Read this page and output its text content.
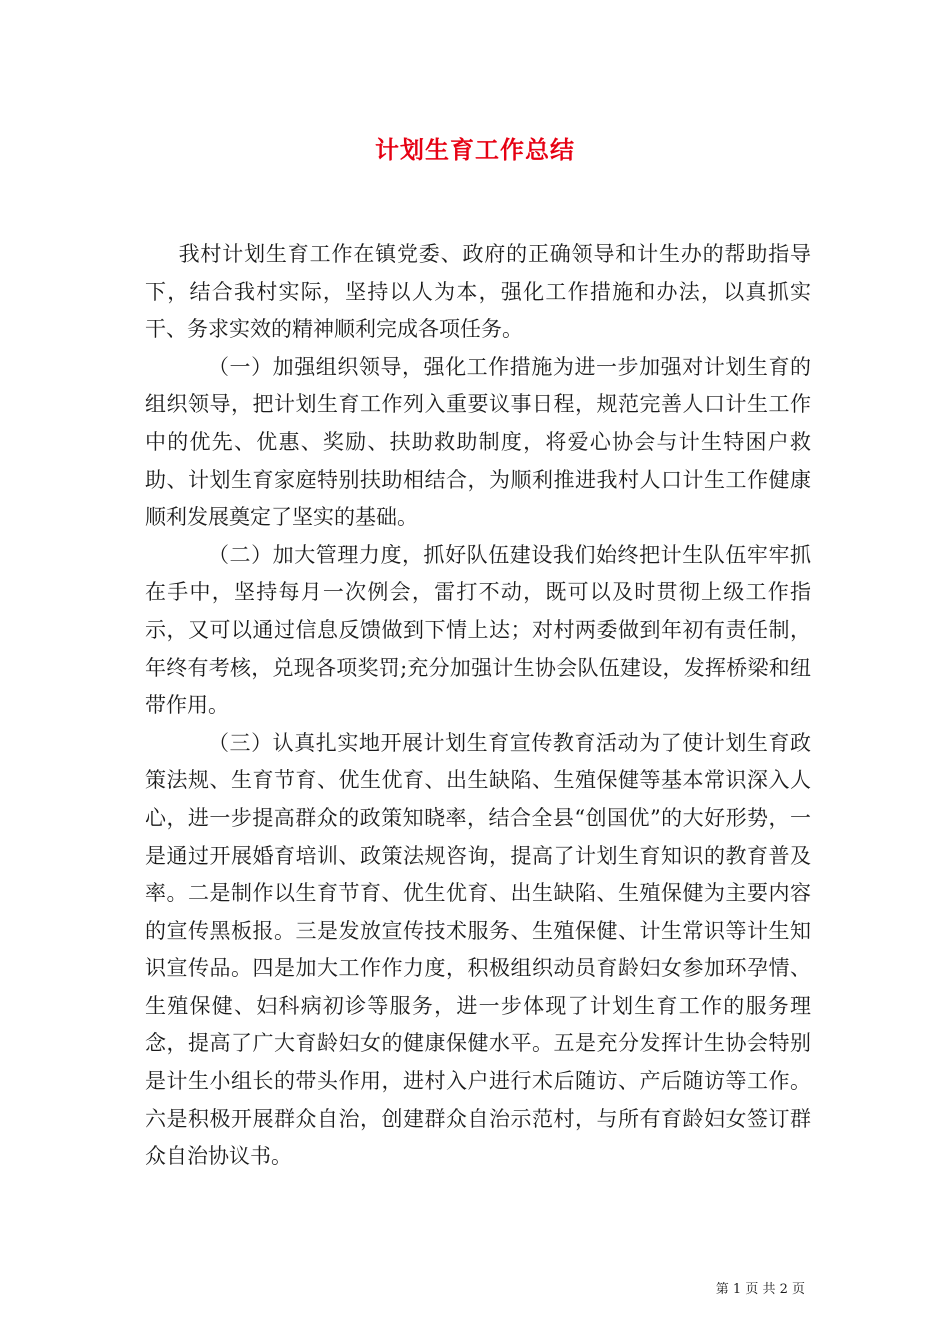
计划生育工作总结

我村计划生育工作在镇党委、政府的正确领导和计生办的帮助指导下，结合我村实际，坚持以人为本，强化工作措施和办法，以真抓实干、务求实效的精神顺利完成各项任务。

（一）加强组织领导，强化工作措施为进一步加强对计划生育的组织领导，把计划生育工作列入重要议事日程，规范完善人口计生工作中的优先、优惠、奖励、扶助救助制度，将爱心协会与计生特困户救助、计划生育家庭特别扶助相结合，为顺利推进我村人口计生工作健康顺利发展奠定了坚实的基础。

（二）加大管理力度，抓好队伍建设我们始终把计生队伍牢牢抓在手中，坚持每月一次例会，雷打不动，既可以及时贯彻上级工作指示，又可以通过信息反馈做到下情上达；对村两委做到年初有责任制，年终有考核，兑现各项奖罚;充分加强计生协会队伍建设，发挥桥梁和纽带作用。

（三）认真扎实地开展计划生育宣传教育活动为了使计划生育政策法规、生育节育、优生优育、出生缺陷、生殖保健等基本常识深入人心，进一步提高群众的政策知晓率，结合全县“创国优”的大好形势，一是通过开展婚育培训、政策法规咨询，提高了计划生育知识的教育普及率。二是制作以生育节育、优生优育、出生缺陷、生殖保健为主要内容的宣传黑板报。三是发放宣传技术服务、生殖保健、计生常识等计生知识宣传品。四是加大工作作力度，积极组织动员育龄妇女参加环孕情、生殖保健、妇科病初诊等服务，进一步体现了计划生育工作的服务理念，提高了广大育龄妇女的健康保健水平。五是充分发挥计生协会特别是计生小组长的带头作用，进村入户进行术后随访、产后随访等工作。六是积极开展群众自治，创建群众自治示范村，与所有育龄妇女签订群众自治协议书。

第 1 页 共 2 页
